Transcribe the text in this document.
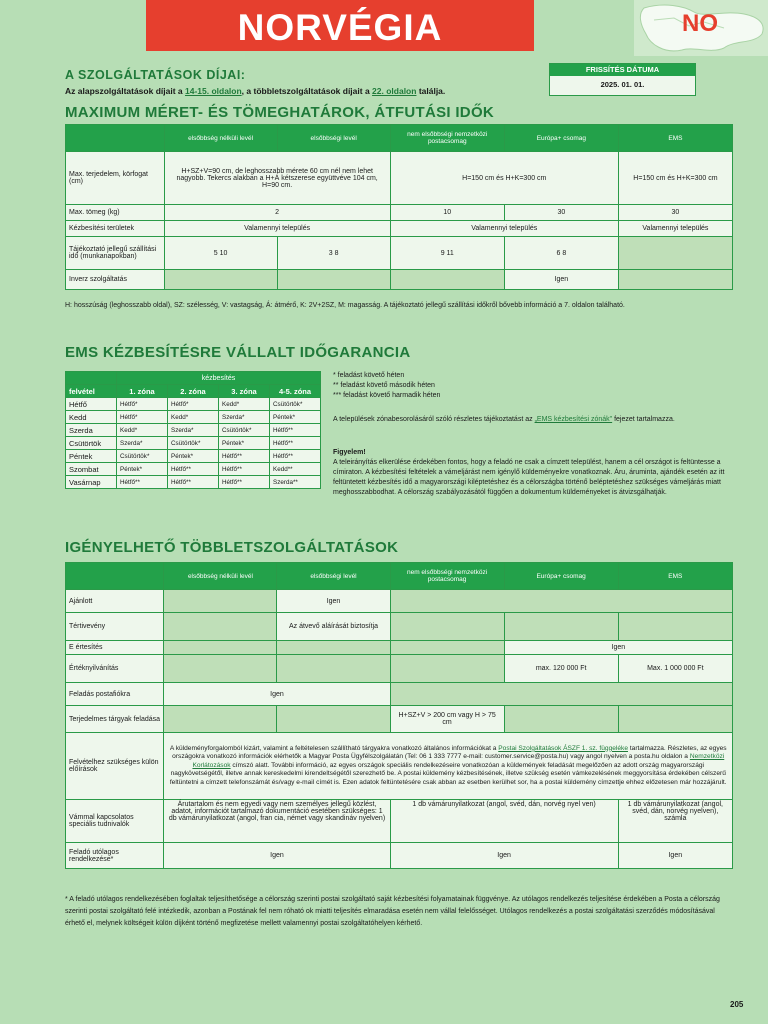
NORVÉGIA	NO
A SZOLGÁLTATÁSOK DÍJAI:
Az alapszolgáltatások díjait a 14-15. oldalon, a többletszolgáltatások díjait a 22. oldalon találja.
FRISSÍTÉS DÁTUMA
2025. 01. 01.
MAXIMUM MÉRET- ÉS TÖMEGHATÁROK, ÁTFUTÁSI IDŐK
	elsőbbség nélküli levél	elsőbbségi levél	nem elsőbbségi nemzetközi postacsomag	Európa+ csomag	EMS
Max. terjedelem, körfogat (cm)	H+SZ+V=90 cm, de leghosszabb mérete 60 cm nél nem lehet nagyobb. Tekercs alakban a H+Á kétszerese együttvéve 104 cm, H=90 cm.		H=150 cm és H+K=300 cm		H=150 cm és H+K=300 cm
Max. tömeg (kg)	2		10	30	30
Kézbesítési területek	Valamennyi település		Valamennyi település		Valamennyi település
Tájékoztató jellegű szállítási idő (munkanapokban)	5 10	3 8	9 11	6 8	
Inverz szolgáltatás				Igen	
H: hosszúság (leghosszabb oldal), SZ: szélesség, V: vastagság, Á: átmérő, K: 2V+2SZ, M: magasság. A tájékoztató jellegű szállítási időkről bővebb információ a 7. oldalon található.
EMS KÉZBESÍTÉSRE VÁLLALT IDŐGARANCIA
	kézbesítés			
felvétel	1. zóna	2. zóna	3. zóna	4-5. zóna
Hétfő	Hétfő*	Hétfő*	Kedd*	Csütörtök*
Kedd	Hétfő*	Kedd*	Szerda*	Péntek*
Szerda	Kedd*	Szerda*	Csütörtök*	Hétfő**
Csütörtök	Szerda*	Csütörtök*	Péntek*	Hétfő**
Péntek	Csütörtök*	Péntek*	Hétfő**	Hétfő**
Szombat	Péntek*	Hétfő**	Hétfő**	Kedd**
Vasárnap	Hétfő**	Hétfő**	Hétfő**	Szerda**
* feladást követő héten
** feladást követő második héten
*** feladást követő harmadik héten
A települések zónabesorolásáról szóló részletes tájékoztatást az „EMS kézbesítési zónák" fejezet tartalmazza.
Figyelem!
A teleirányítás elkerülése érdekében fontos, hogy a feladó ne csak a címzett települést, hanem a cél országot is feltüntesse a címiraton. A kézbesítési feltételek a vámeljárást nem igénylő küldeményekre vonatkoznak. Áru, áruminta, ajándék esetén az itt feltüntetett kézbesítés idő a magyarországi kiléptetéshez és a célországba történő beléptetéshez szükséges vámeljárás miatt meghosszabbodhat. A célország szabályozásától függően a dokumentum küldeményeket is átvizsgálhatják.
IGÉNYELHETŐ TÖBBLETSZOLGÁLTATÁSOK
	elsőbbség nélküli levél	elsőbbségi levél	nem elsőbbségi nemzetközi postacsomag	Európa+ csomag	EMS
Ajánlott		Igen			
Tértivevény		Az átvevő aláírását biztosítja			
E értesítés				Igen	
Értéknyilvánítás				max. 120 000 Ft	Max. 1 000 000 Ft
Feladás postafiókra	Igen				
Terjedelmes tárgyak feladása			H+SZ+V > 200 cm vagy H > 75 cm		
Felvételhez szükséges külön előírások	A küldeményforgalomból kizárt, valamint a feltételesen szállítható tárgyakra vonatkozó általános információkat a Postai Szolgáltatások ÁSZF 1. sz. függeléke tartalmazza. Részletes, az egyes országokra vonatkozó információk elérhetők a Magyar Posta Ügyfélszolgálatán (Tel: 06 1 333 7777 e-mail: customer.service@posta.hu) vagy angol nyelven a posta.hu oldalon a Nemzetközi Korlátozások címszó alatt. További információ, az egyes országok speciális rendelkezéseire vonatkozóan a küldemények feladását megelőzően az adott ország magyarországi nagykövetségétől, illetve annak kereskedelmi kirendeltségétől szerezhető be. A postai küldemény kézbesítésének, illetve szükség esetén vámkezelésének meggyorsítása érdekében célszerű feltüntetni a címzett telefonszámát és/vagy e-mail címét is. Ezen adatok feltüntetésére csak abban az esetben kerülhet sor, ha a postai küldemény címzettje ehhez előzetesen már hozzájárult.				
Vámmal kapcsolatos speciális tudnivalók	Árutartalom és nem egyedi vagy nem személyes jellegű közlést, adatot, információt tartalmazó dokumentáció esetében szükséges: 1 db vámárunyilatkozat (angol, fran cia, német vagy skandináv nyelven)		1 db vámárunyilatkozat (angol, svéd, dán, norvég nyel ven)		1 db vámárunyilatkozat (angol, svéd, dán, norvég nyelven), számla
Feladó utólagos rendelkezése*	Igen		Igen		Igen
* A feladó utólagos rendelkezésében foglaltak teljesíthetősége a célország szerinti postai szolgáltató saját kézbesítési folyamatainak függvénye. Az utólagos rendelkezés teljesítése érdekében a Posta a célország szerinti postai szolgáltató felé intézkedik, azonban a Postának fel nem róható ok miatti teljesítés elmaradása esetén nem vállal felelősséget. Utólagos rendelkezés a postai szolgáltatási szerződés módosításával érhető el, melynek költségeit külön díjként történő megfizetése mellett valamennyi postai szolgáltatóhelyen kérhető.
205
